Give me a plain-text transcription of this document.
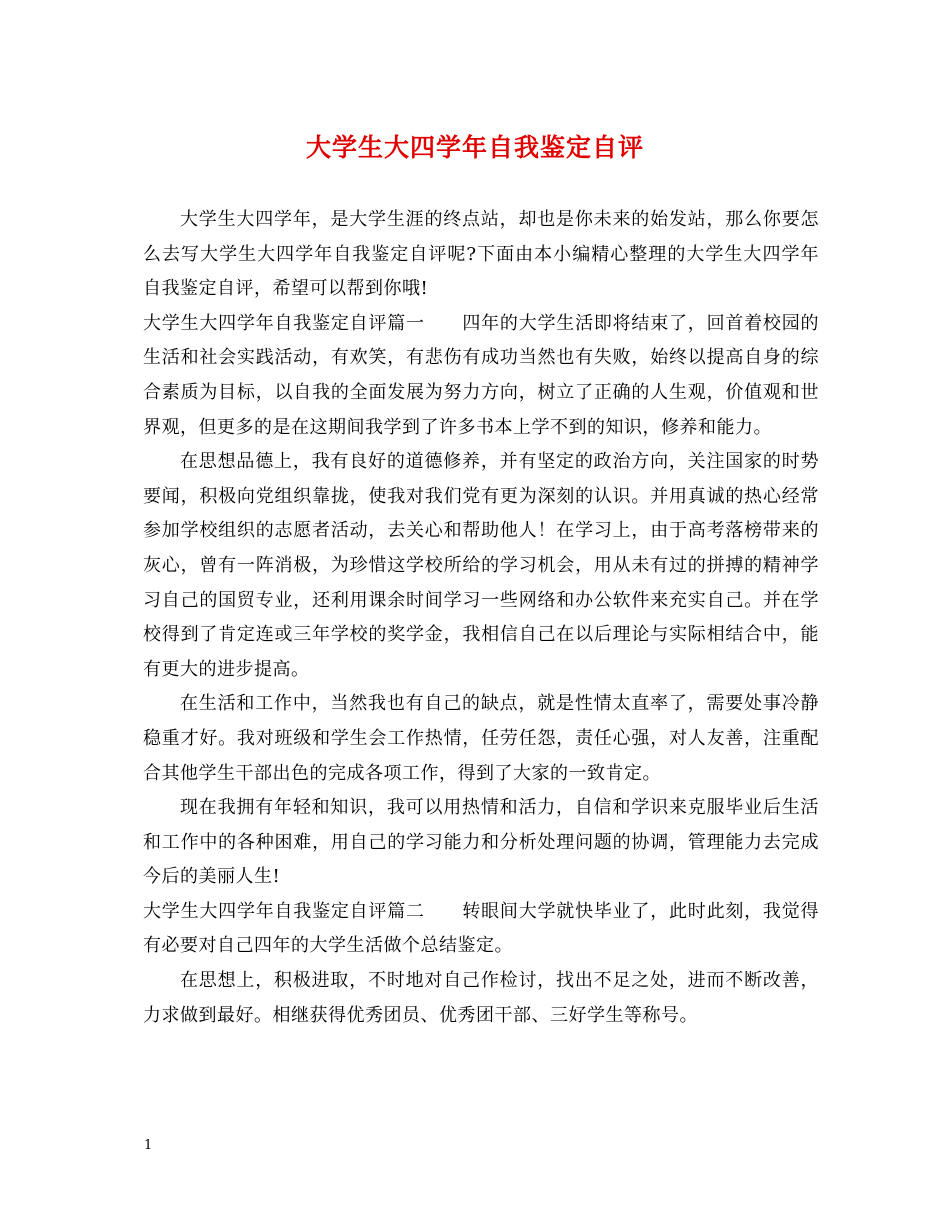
大学生大四学年自我鉴定自评

大学生大四学年，是大学生涯的终点站，却也是你未来的始发站，那么你要怎么去写大学生大四学年自我鉴定自评呢?下面由本小编精心整理的大学生大四学年自我鉴定自评，希望可以帮到你哦!

大学生大四学年自我鉴定自评篇一　　四年的大学生活即将结束了，回首着校园的生活和社会实践活动，有欢笑，有悲伤有成功当然也有失败，始终以提高自身的综合素质为目标，以自我的全面发展为努力方向，树立了正确的人生观，价值观和世界观，但更多的是在这期间我学到了许多书本上学不到的知识，修养和能力。

在思想品德上，我有良好的道德修养，并有坚定的政治方向，关注国家的时势要闻，积极向党组织靠拢，使我对我们党有更为深刻的认识。并用真诚的热心经常参加学校组织的志愿者活动，去关心和帮助他人！在学习上，由于高考落榜带来的灰心，曾有一阵消极，为珍惜这学校所给的学习机会，用从未有过的拼搏的精神学习自己的国贸专业，还利用课余时间学习一些网络和办公软件来充实自己。并在学校得到了肯定连或三年学校的奖学金，我相信自己在以后理论与实际相结合中，能有更大的进步提高。

在生活和工作中，当然我也有自己的缺点，就是性情太直率了，需要处事冷静稳重才好。我对班级和学生会工作热情，任劳任怨，责任心强，对人友善，注重配合其他学生干部出色的完成各项工作，得到了大家的一致肯定。

现在我拥有年轻和知识，我可以用热情和活力，自信和学识来克服毕业后生活和工作中的各种困难，用自己的学习能力和分析处理问题的协调，管理能力去完成今后的美丽人生!

大学生大四学年自我鉴定自评篇二　　转眼间大学就快毕业了，此时此刻，我觉得有必要对自己四年的大学生活做个总结鉴定。

在思想上，积极进取，不时地对自己作检讨，找出不足之处，进而不断改善，力求做到最好。相继获得优秀团员、优秀团干部、三好学生等称号。

1
